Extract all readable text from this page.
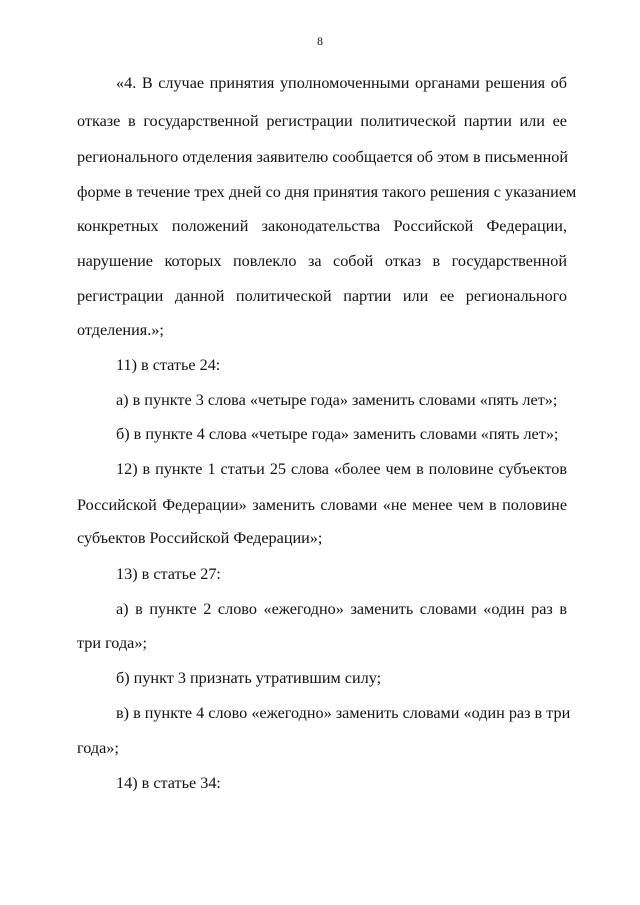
8
«4. В случае принятия уполномоченными органами решения об
отказе в государственной регистрации политической партии или ее
регионального отделения заявителю сообщается об этом в письменной
форме в течение трех дней со дня принятия такого решения с указанием
конкретных положений законодательства Российской Федерации,
нарушение которых повлекло за собой отказ в государственной
регистрации данной политической партии или ее регионального
отделения.»;
11) в статье 24:
а) в пункте 3 слова «четыре года» заменить словами «пять лет»;
б) в пункте 4 слова «четыре года» заменить словами «пять лет»;
12) в пункте 1 статьи 25 слова «более чем в половине субъектов
Российской Федерации» заменить словами «не менее чем в половине
субъектов Российской Федерации»;
13) в статье 27:
а) в пункте 2 слово «ежегодно» заменить словами «один раз в
три года»;
б) пункт 3 признать утратившим силу;
в) в пункте 4 слово «ежегодно» заменить словами «один раз в три
года»;
14) в статье 34:
